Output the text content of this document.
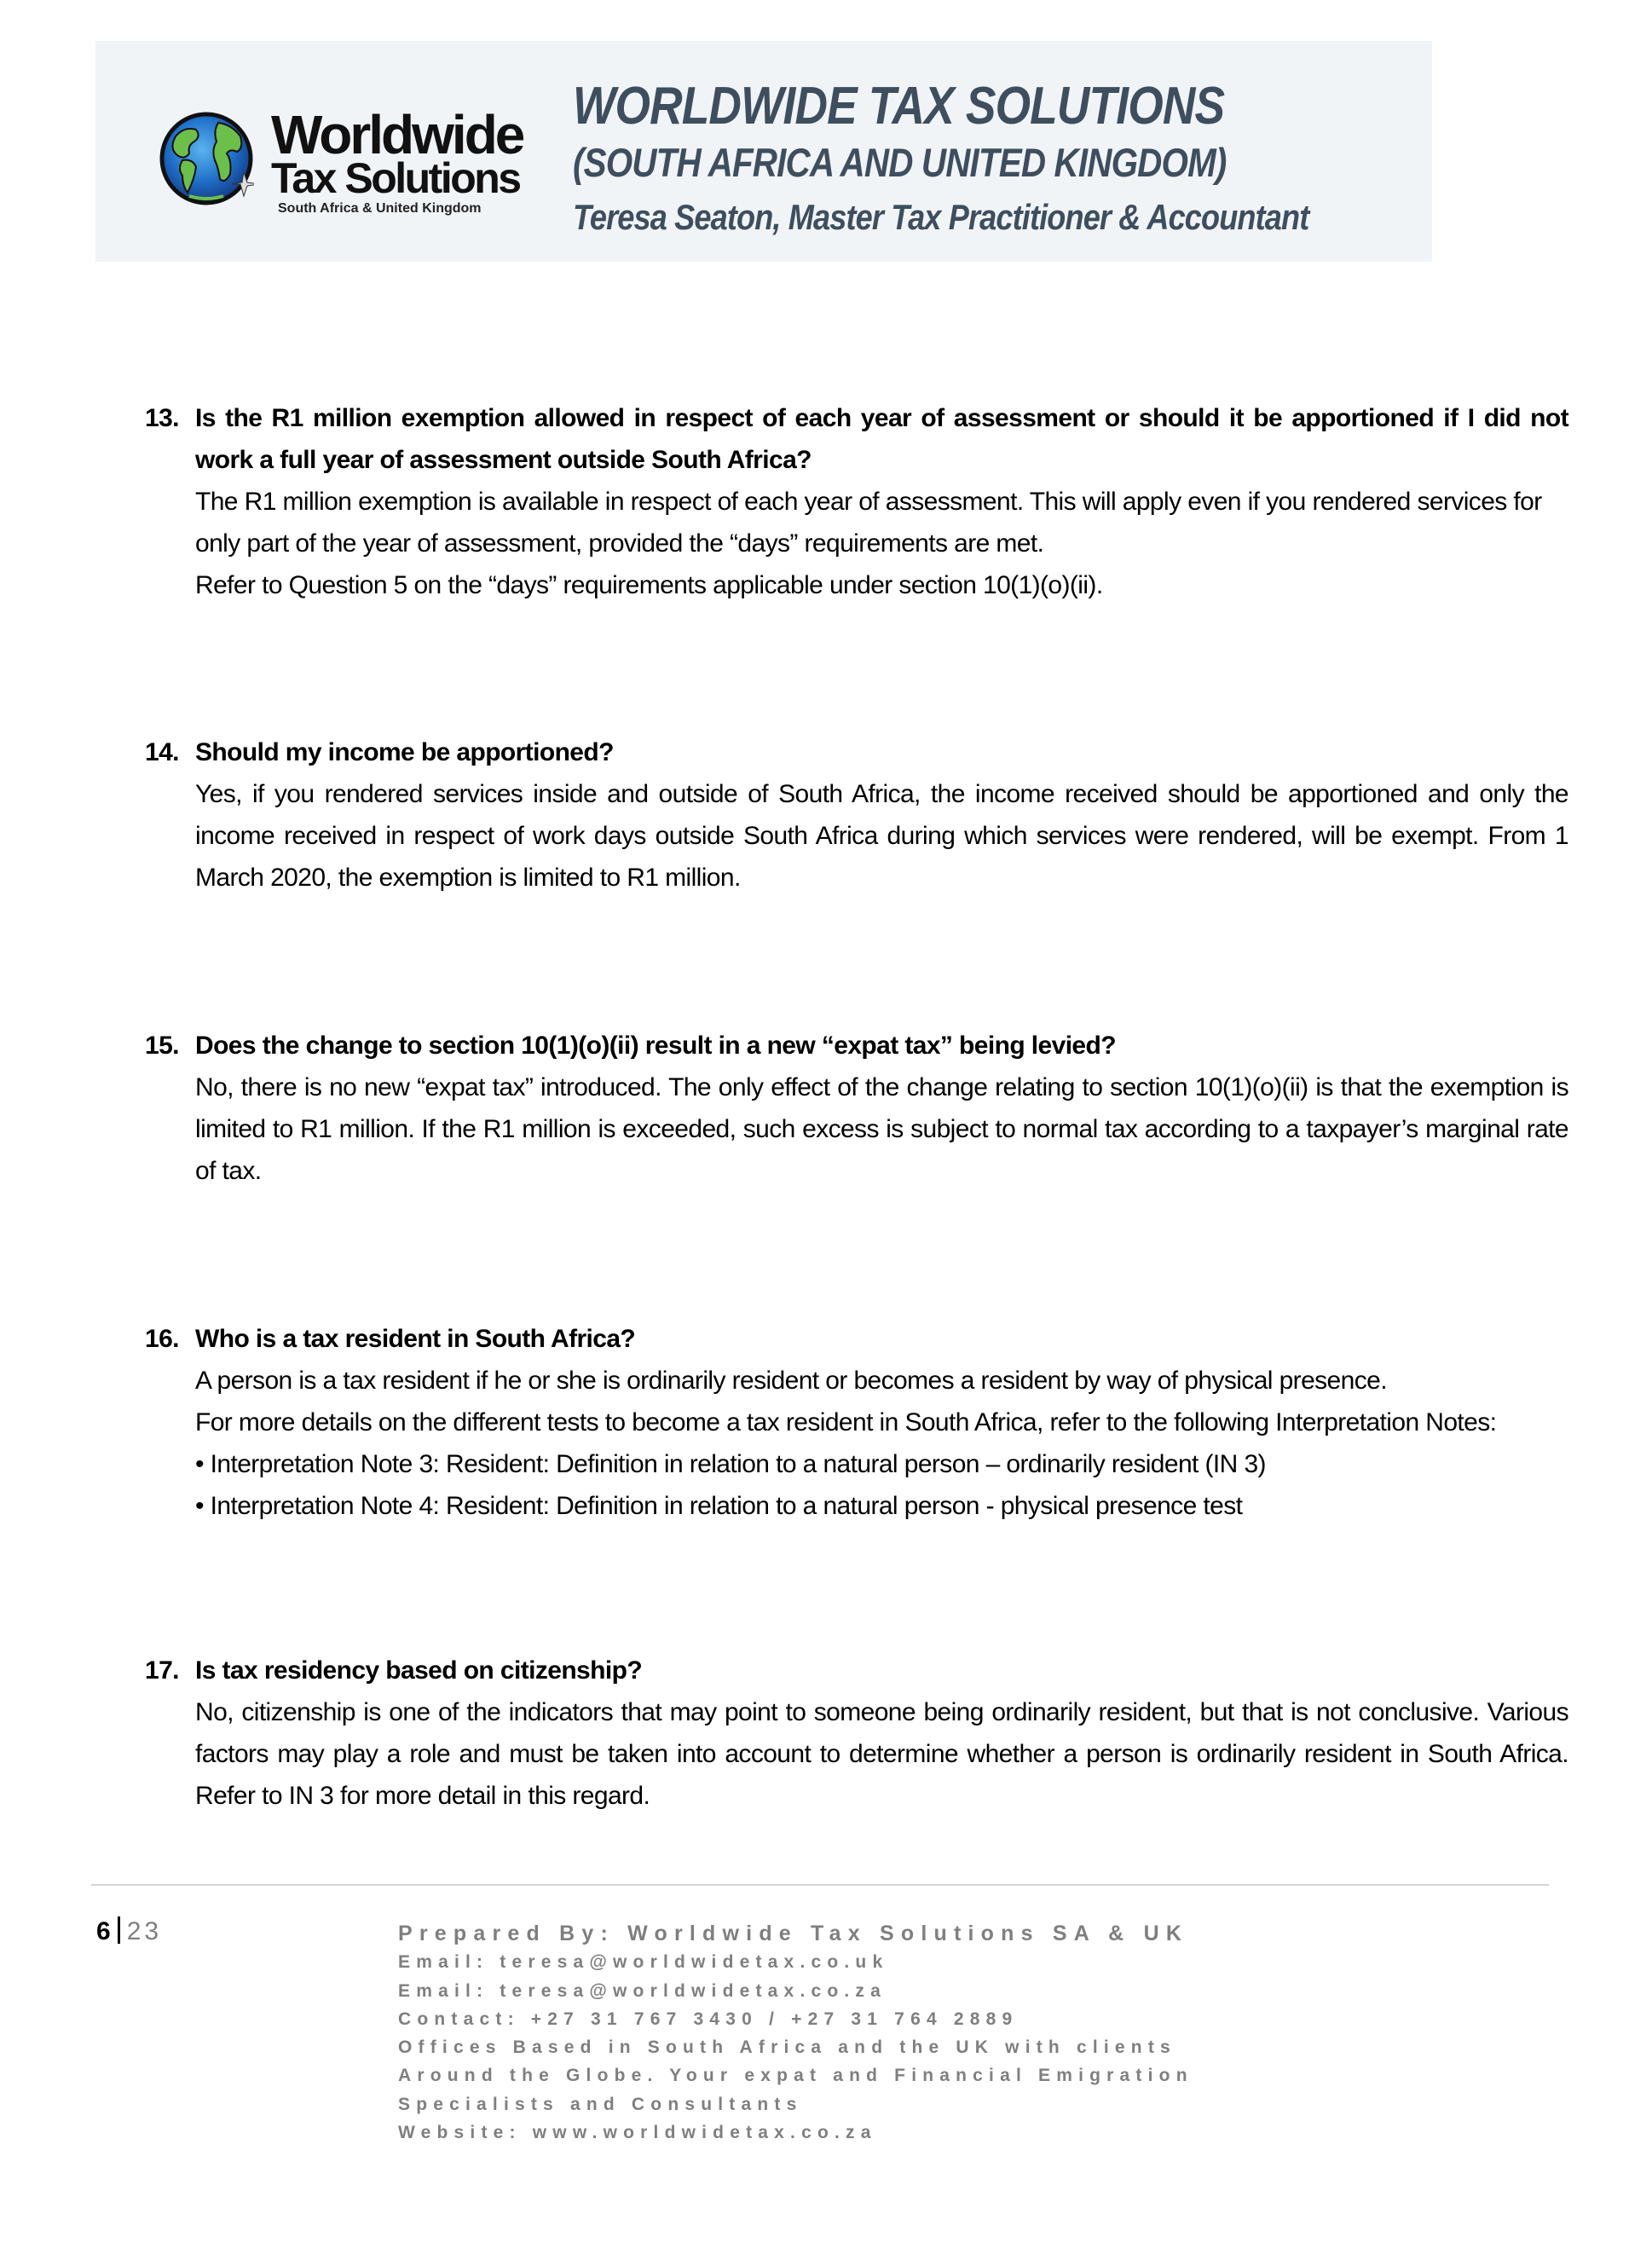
Worldwide
Tax Solutions
South Africa & United Kingdom
WORLDWIDE TAX SOLUTIONS
(SOUTH AFRICA AND UNITED KINGDOM)
Teresa Seaton, Master Tax Practitioner & Accountant
13. Is the R1 million exemption allowed in respect of each year of assessment or should it be apportioned if I did not work a full year of assessment outside South Africa?

The R1 million exemption is available in respect of each year of assessment. This will apply even if you rendered services for only part of the year of assessment, provided the “days” requirements are met.

Refer to Question 5 on the “days” requirements applicable under section 10(1)(o)(ii).

14. Should my income be apportioned?

Yes, if you rendered services inside and outside of South Africa, the income received should be apportioned and only the income received in respect of work days outside South Africa during which services were rendered, will be exempt. From 1 March 2020, the exemption is limited to R1 million.

15. Does the change to section 10(1)(o)(ii) result in a new “expat tax” being levied?

No, there is no new “expat tax” introduced. The only effect of the change relating to section 10(1)(o)(ii) is that the exemption is limited to R1 million. If the R1 million is exceeded, such excess is subject to normal tax according to a taxpayer’s marginal rate of tax.

16. Who is a tax resident in South Africa?

A person is a tax resident if he or she is ordinarily resident or becomes a resident by way of physical presence.

For more details on the different tests to become a tax resident in South Africa, refer to the following Interpretation Notes:

• Interpretation Note 3: Resident: Definition in relation to a natural person – ordinarily resident (IN 3)

• Interpretation Note 4: Resident: Definition in relation to a natural person - physical presence test

17. Is tax residency based on citizenship?

No, citizenship is one of the indicators that may point to someone being ordinarily resident, but that is not conclusive. Various factors may play a role and must be taken into account to determine whether a person is ordinarily resident in South Africa. Refer to IN 3 for more detail in this regard.

6 23	Prepared By: Worldwide Tax Solutions SA & UK
Email: teresa@worldwidetax.co.uk
Email: teresa@worldwidetax.co.za
Contact: +27 31 767 3430 / +27 31 764 2889
Offices Based in South Africa and the UK with clients
Around the Globe. Your expat and Financial Emigration
Specialists and Consultants
Website: www.worldwidetax.co.za
